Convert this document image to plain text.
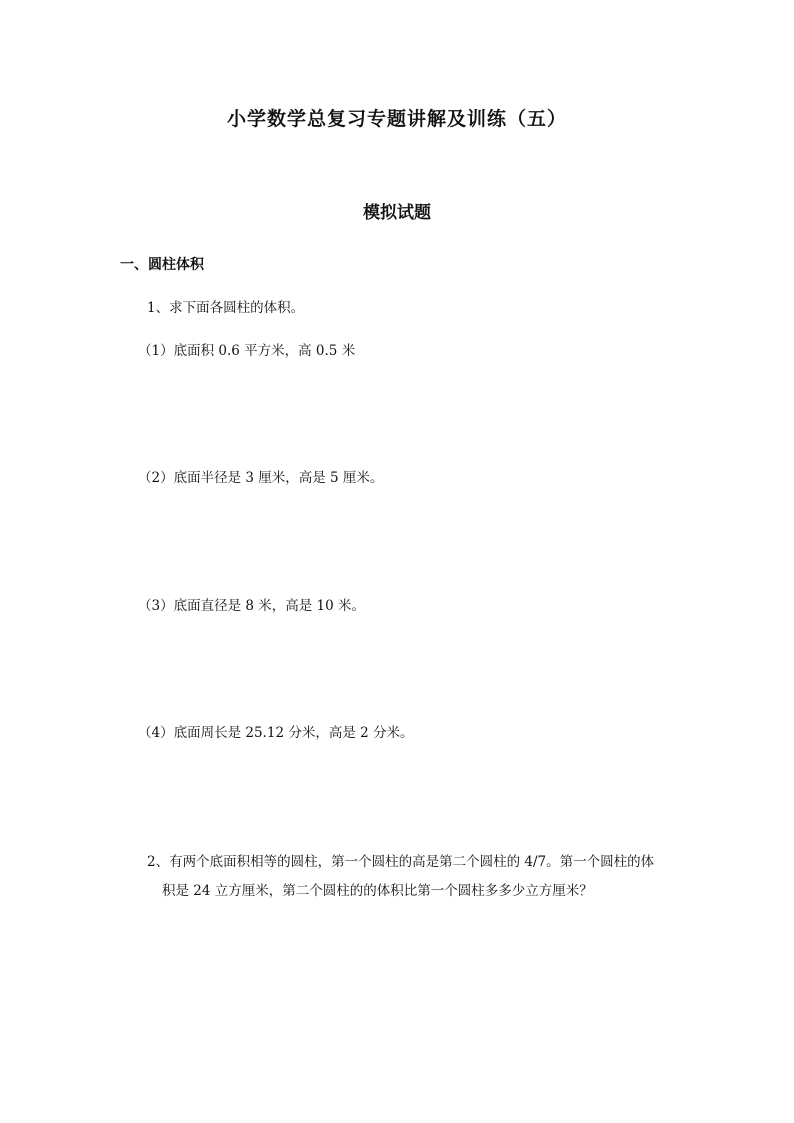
小学数学总复习专题讲解及训练（五）
模拟试题
一、圆柱体积
1、求下面各圆柱的体积。
（1）底面积 0.6 平方米，高 0.5 米
（2）底面半径是 3 厘米，高是 5 厘米。
（3）底面直径是 8 米，高是 10 米。
（4）底面周长是 25.12 分米，高是 2 分米。
2、有两个底面积相等的圆柱，第一个圆柱的高是第二个圆柱的 4/7。第一个圆柱的体
积是 24 立方厘米，第二个圆柱的的体积比第一个圆柱多多少立方厘米？
